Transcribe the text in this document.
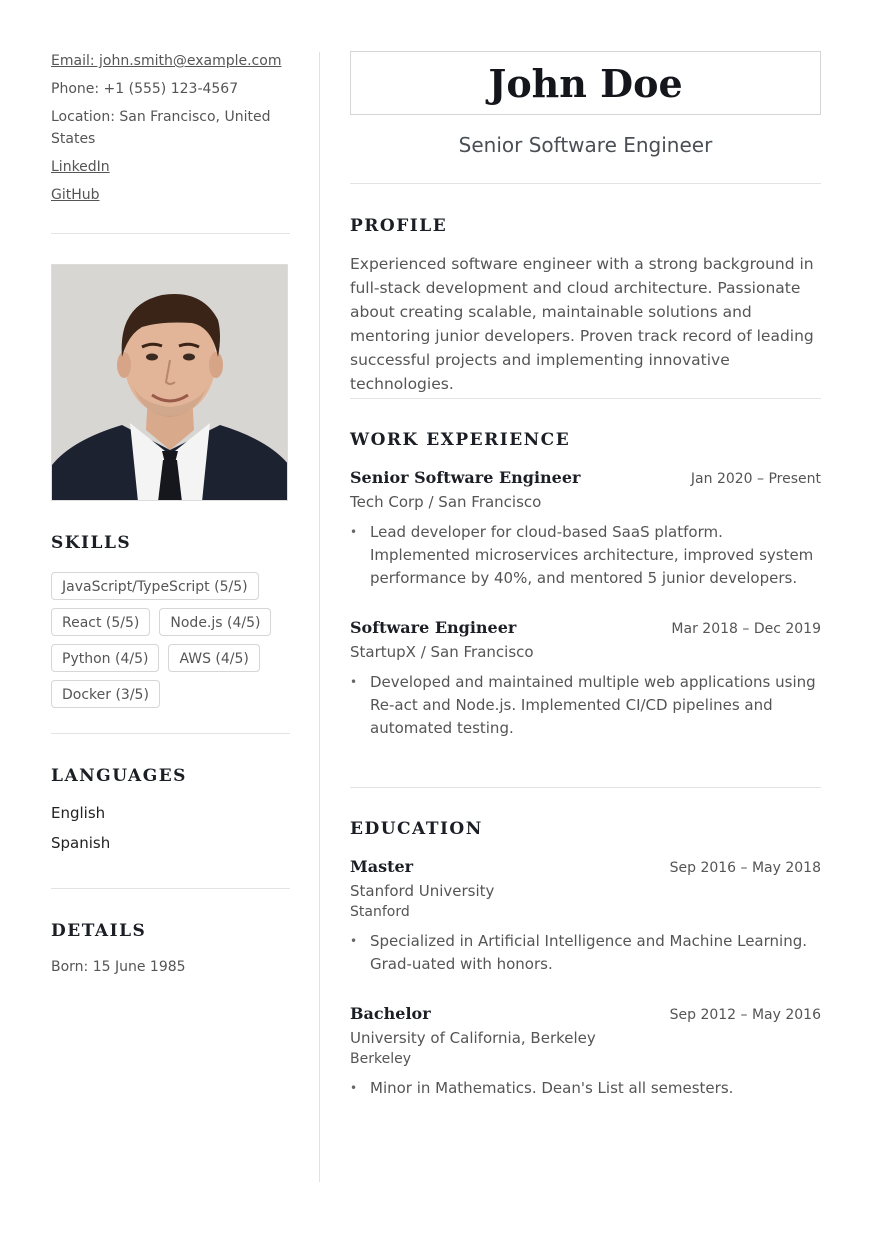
Email: john.smith@example.com

Phone: +1 (555) 123-4567

Location: San Francisco, United States

LinkedIn

GitHub

SKILLS

JavaScript/TypeScript (5/5)
React (5/5)	Node.js (4/5)
Python (4/5)	AWS (4/5)
Docker (3/5)

LANGUAGES

English
Spanish

DETAILS

Born: 15 June 1985
John Doe
Senior Software Engineer
PROFILE
Experienced software engineer with a strong background in full-stack development and cloud architecture. Passionate about creating scalable, maintainable solutions and mentoring junior developers. Proven track record of leading successful projects and implementing innovative technologies.
WORK EXPERIENCE
Senior Software Engineer	Jan 2020 – Present
Tech Corp / San Francisco
• Lead developer for cloud-based SaaS platform. Implemented microservices architecture, improved system performance by 40%, and mentored 5 junior developers.
Software Engineer	Mar 2018 – Dec 2019
StartupX / San Francisco
• Developed and maintained multiple web applications using Re-act and Node.js. Implemented CI/CD pipelines and automated testing.
EDUCATION
Master	Sep 2016 – May 2018
Stanford University
Stanford
• Specialized in Artificial Intelligence and Machine Learning. Grad-uated with honors.
Bachelor	Sep 2012 – May 2016
University of California, Berkeley
Berkeley
• Minor in Mathematics. Dean's List all semesters.
